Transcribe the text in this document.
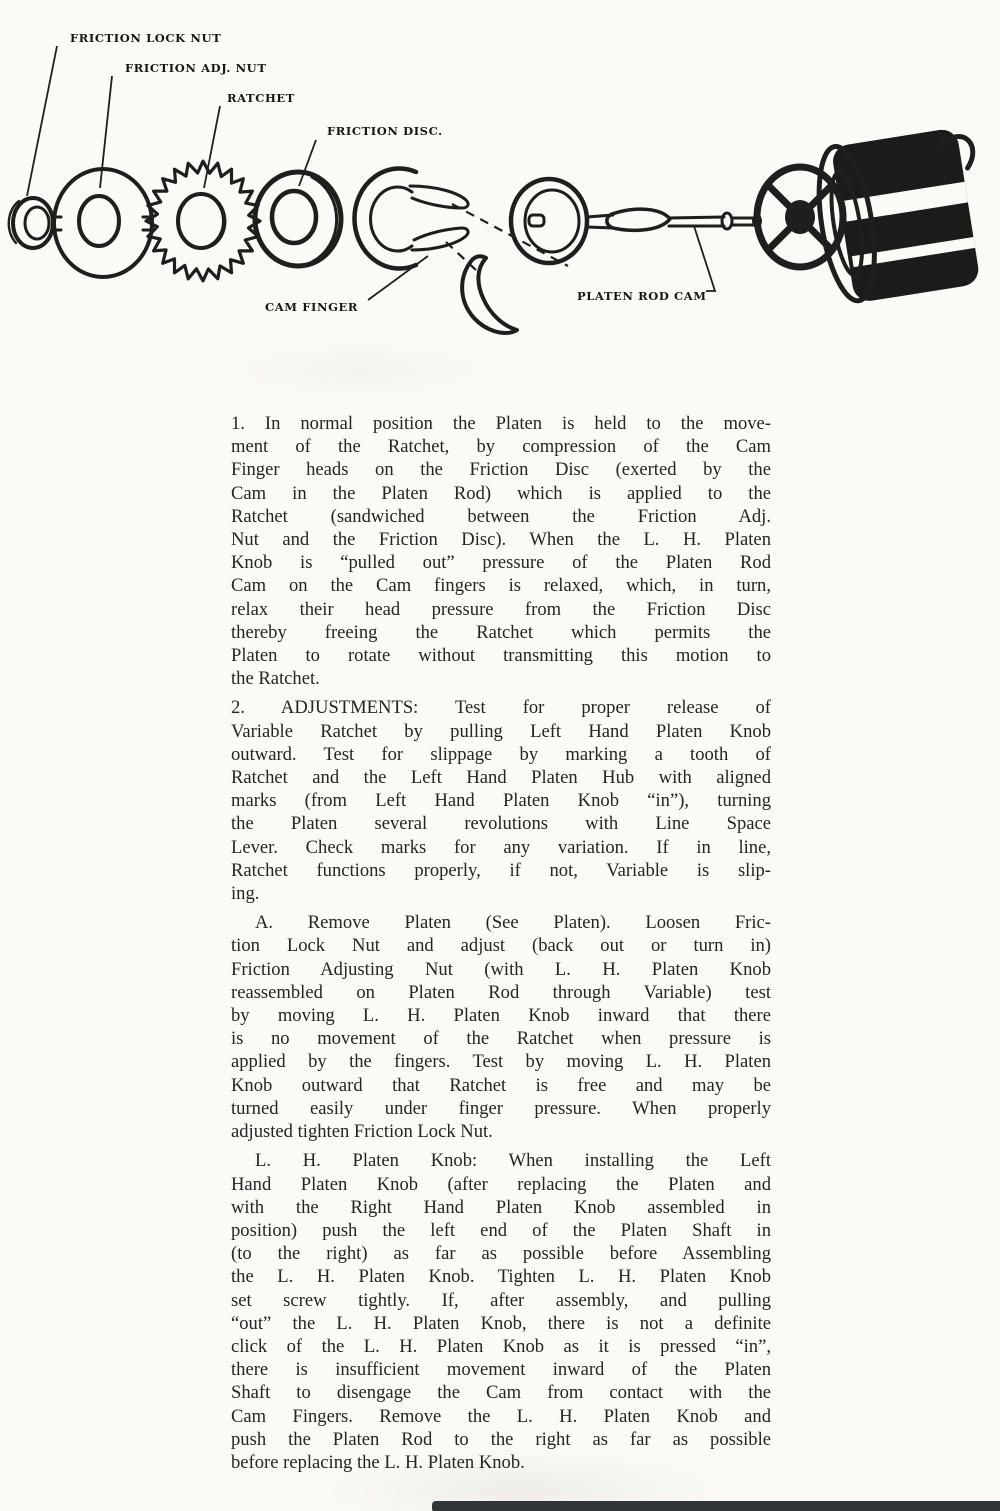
FRICTION LOCK NUT
FRICTION ADJ. NUT
RATCHET
FRICTION DISC.
CAM FINGER
PLATEN ROD CAM
1. In normal position the Platen is held to the move-
ment of the Ratchet, by compression of the Cam
Finger heads on the Friction Disc (exerted by the
Cam in the Platen Rod) which is applied to the
Ratchet (sandwiched between the Friction Adj.
Nut and the Friction Disc). When the L. H. Platen
Knob is “pulled out” pressure of the Platen Rod
Cam on the Cam fingers is relaxed, which, in turn,
relax their head pressure from the Friction Disc
thereby freeing the Ratchet which permits the
Platen to rotate without transmitting this motion to
the Ratchet.
2. ADJUSTMENTS: Test for proper release of
Variable Ratchet by pulling Left Hand Platen Knob
outward. Test for slippage by marking a tooth of
Ratchet and the Left Hand Platen Hub with aligned
marks (from Left Hand Platen Knob “in”), turning
the Platen several revolutions with Line Space
Lever. Check marks for any variation. If in line,
Ratchet functions properly, if not, Variable is slip-
ing.
A. Remove Platen (See Platen). Loosen Fric-
tion Lock Nut and adjust (back out or turn in)
Friction Adjusting Nut (with L. H. Platen Knob
reassembled on Platen Rod through Variable) test
by moving L. H. Platen Knob inward that there
is no movement of the Ratchet when pressure is
applied by the fingers. Test by moving L. H. Platen
Knob outward that Ratchet is free and may be
turned easily under finger pressure. When properly
adjusted tighten Friction Lock Nut.
L. H. Platen Knob: When installing the Left
Hand Platen Knob (after replacing the Platen and
with the Right Hand Platen Knob assembled in
position) push the left end of the Platen Shaft in
(to the right) as far as possible before Assembling
the L. H. Platen Knob. Tighten L. H. Platen Knob
set screw tightly. If, after assembly, and pulling
“out” the L. H. Platen Knob, there is not a definite
click of the L. H. Platen Knob as it is pressed “in”,
there is insufficient movement inward of the Platen
Shaft to disengage the Cam from contact with the
Cam Fingers. Remove the L. H. Platen Knob and
push the Platen Rod to the right as far as possible
before replacing the L. H. Platen Knob.
